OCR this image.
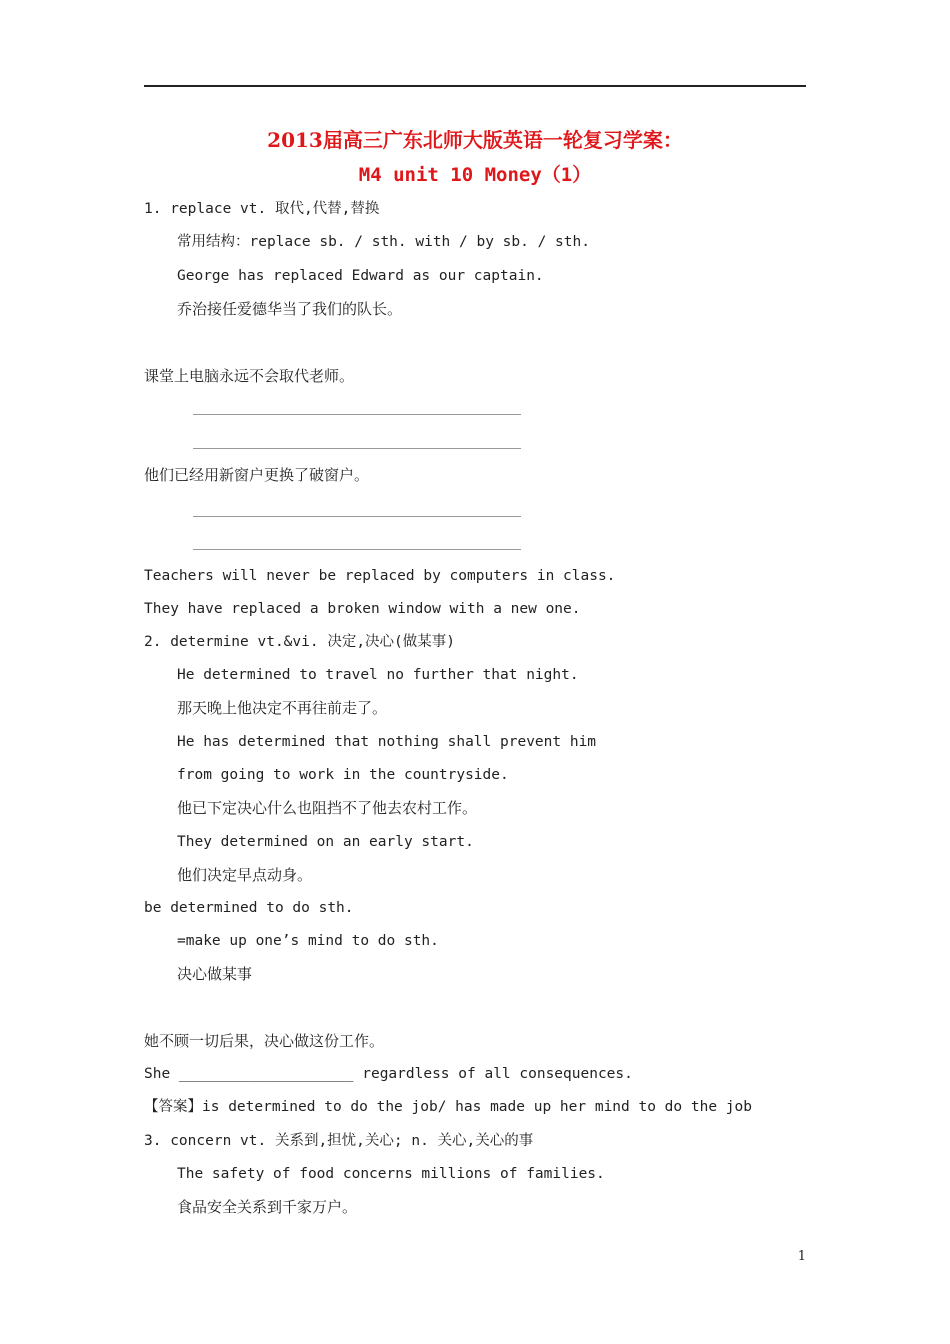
2013届高三广东北师大版英语一轮复习学案：
M4 unit 10 Money（1）
1. replace vt. 取代,代替,替换
常用结构：replace sb. / sth. with / by sb. / sth.
George has replaced Edward as our captain.
乔治接任爱德华当了我们的队长。
课堂上电脑永远不会取代老师。
他们已经用新窗户更换了破窗户。
Teachers will never be replaced by computers in class.
They have replaced a broken window with a new one.
2. determine vt.&vi. 决定,决心(做某事)
He determined to travel no further that night.
那天晚上他决定不再往前走了。
He has determined that nothing shall prevent him
from going to work in the countryside.
他已下定决心什么也阻挡不了他去农村工作。
They determined on an early start.
他们决定早点动身。
be determined to do sth.
=make up one’s mind to do sth.
决心做某事
她不顾一切后果，决心做这份工作。
She ____________________ regardless of all consequences.
【答案】is determined to do the job/ has made up her mind to do the job
3. concern vt. 关系到,担忧,关心; n. 关心,关心的事
The safety of food concerns millions of families.
食品安全关系到千家万户。
1
